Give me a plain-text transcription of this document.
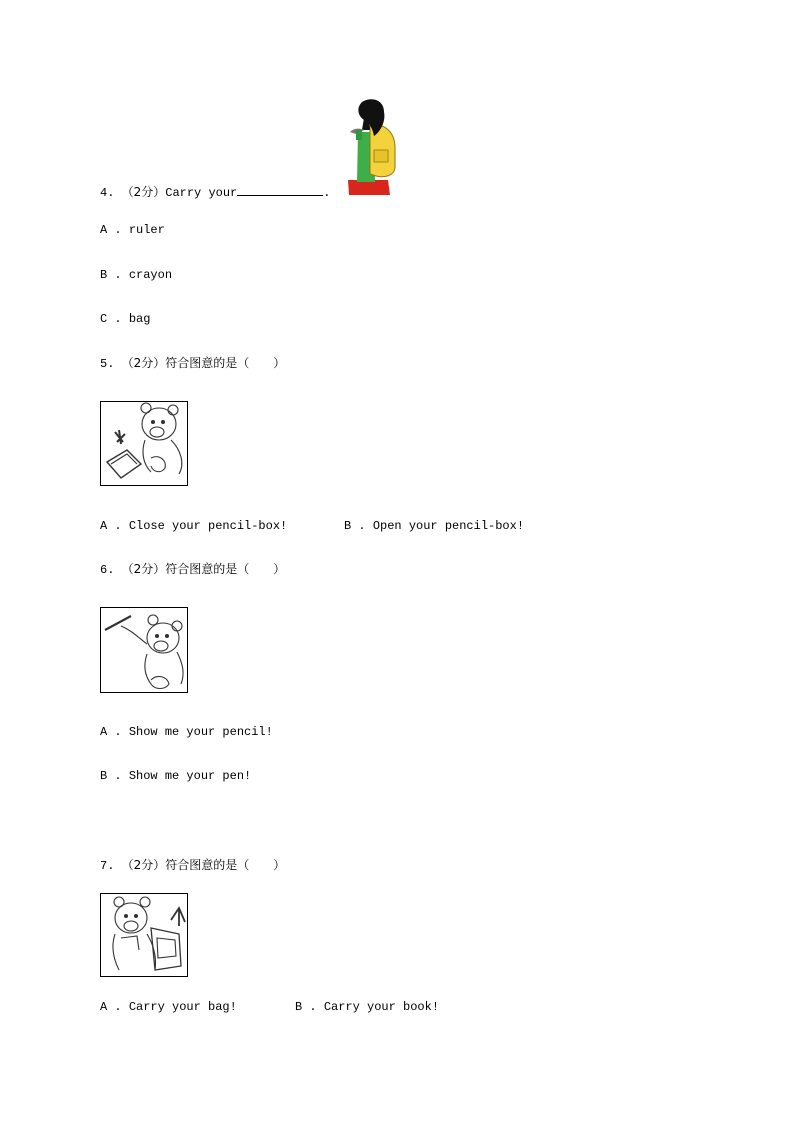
4. （2分）Carry your	.
A . ruler
B . crayon
C . bag
5. （2分）符合图意的是（　　）
A . Close your pencil-box!	B . Open your pencil-box!
6. （2分）符合图意的是（　　）
A . Show me your pencil!
B . Show me your pen!
7. （2分）符合图意的是（　　）
A . Carry your bag!	B . Carry your book!
